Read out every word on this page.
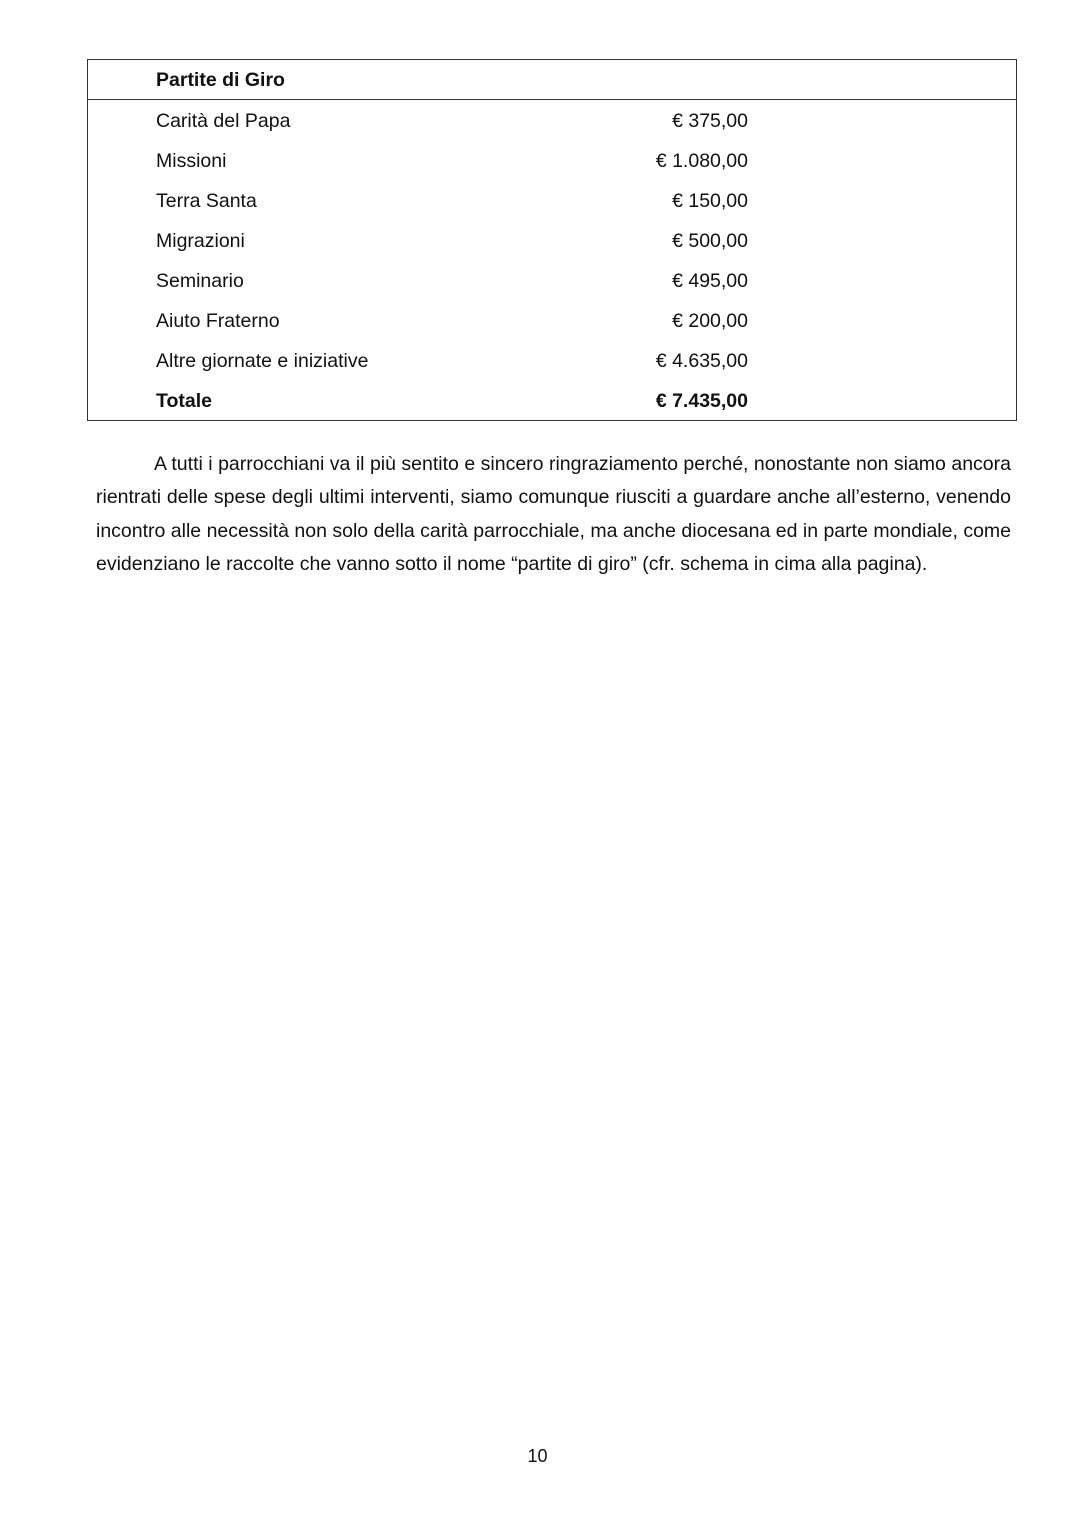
Partite di Giro
Carità del Papa	€ 375,00
Missioni	€ 1.080,00
Terra Santa	€ 150,00
Migrazioni	€ 500,00
Seminario	€ 495,00
Aiuto Fraterno	€ 200,00
Altre giornate e iniziative	€ 4.635,00
Totale	€ 7.435,00

A tutti i parrocchiani va il più sentito e sincero ringraziamento perché, nonostante non siamo ancora rientrati delle spese degli ultimi interventi, siamo comunque riusciti a guardare anche all’esterno, venendo incontro alle necessità non solo della carità parrocchiale, ma anche diocesana ed in parte mondiale, come evidenziano le raccolte che vanno sotto il nome “partite di giro” (cfr. schema in cima alla pagina).

10
